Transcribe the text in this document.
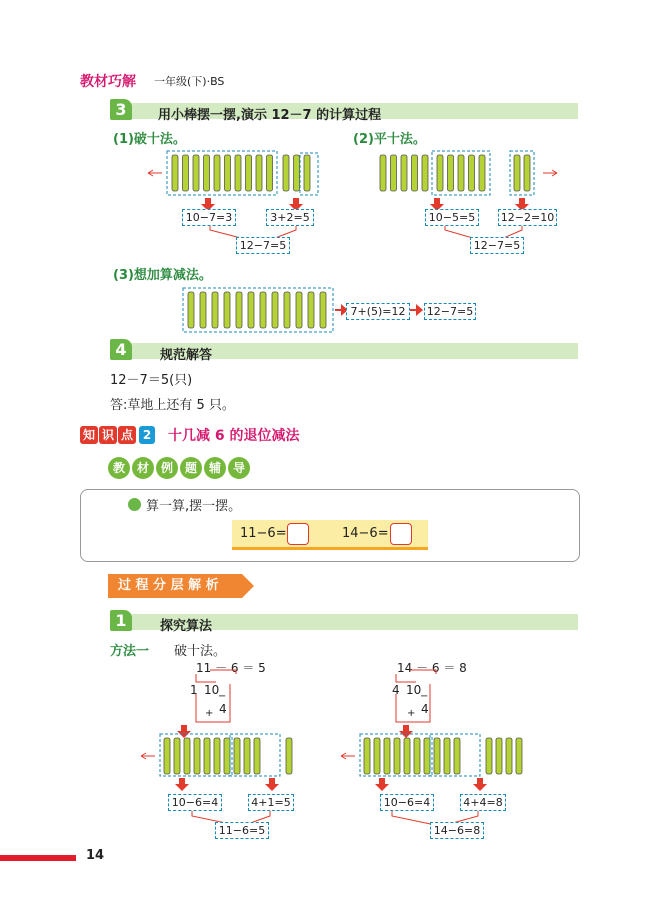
教材巧解 一年级(下)·BS
3	用小棒摆一摆,演示 12－7 的计算过程
(1)破十法。	(2)平十法。
10−7=3	3+2=5
12−7=5
10−5=5	12−2=10
12−7=5
(3)想加算减法。
7+(5)=12	12−7=5
4	规范解答
12－7＝5(只)
答:草地上还有 5 只。
知 识 点 2 十几减 6 的退位减法
教 材 例 题 辅 导
算一算,摆一摆。
11−6=	14−6=
过 程 分 层 解 析
1	探究算法
方法一 破十法。
11 － 6 ＝ 5
1 10
−
4
+
10−6=4	4+1=5
11−6=5
14 － 6 ＝ 8
4 10
−
4
+
10−6=4	4+4=8
14−6=8
14
